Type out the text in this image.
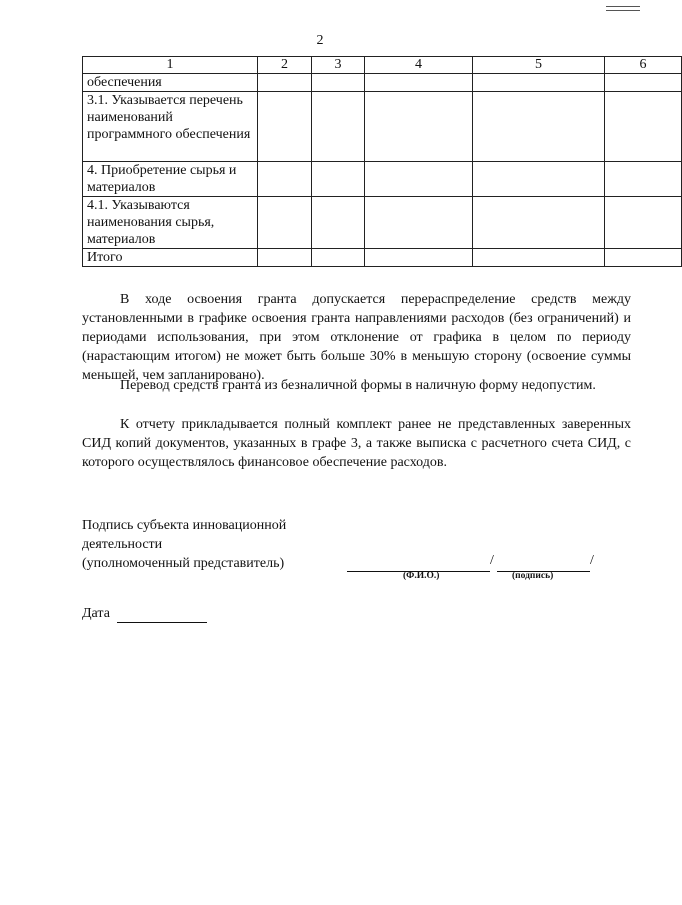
2
1	2	3	4	5	6
обеспечения					
3.1. Указывается перечень наименований программного обеспечения					
4. Приобретение сырья и материалов					
4.1. Указываются наименования сырья, материалов					
Итого					

В ходе освоения гранта допускается перераспределение средств между установленными в графике освоения гранта направлениями расходов (без ограничений) и периодами использования, при этом отклонение от графика в целом по периоду (нарастающим итогом) не может быть больше 30% в меньшую сторону (освоение суммы меньшей, чем запланировано).

Перевод средств гранта из безналичной формы в наличную форму недопустим.

К отчету прикладывается полный комплект ранее не представленных заверенных СИД копий документов, указанных в графе 3, а также выписка с расчетного счета СИД, с которого осуществлялось финансовое обеспечение расходов.

Подпись субъекта инновационной
деятельности
(уполномоченный представитель)	/	/
(Ф.И.О.)	(подпись)
Дата
